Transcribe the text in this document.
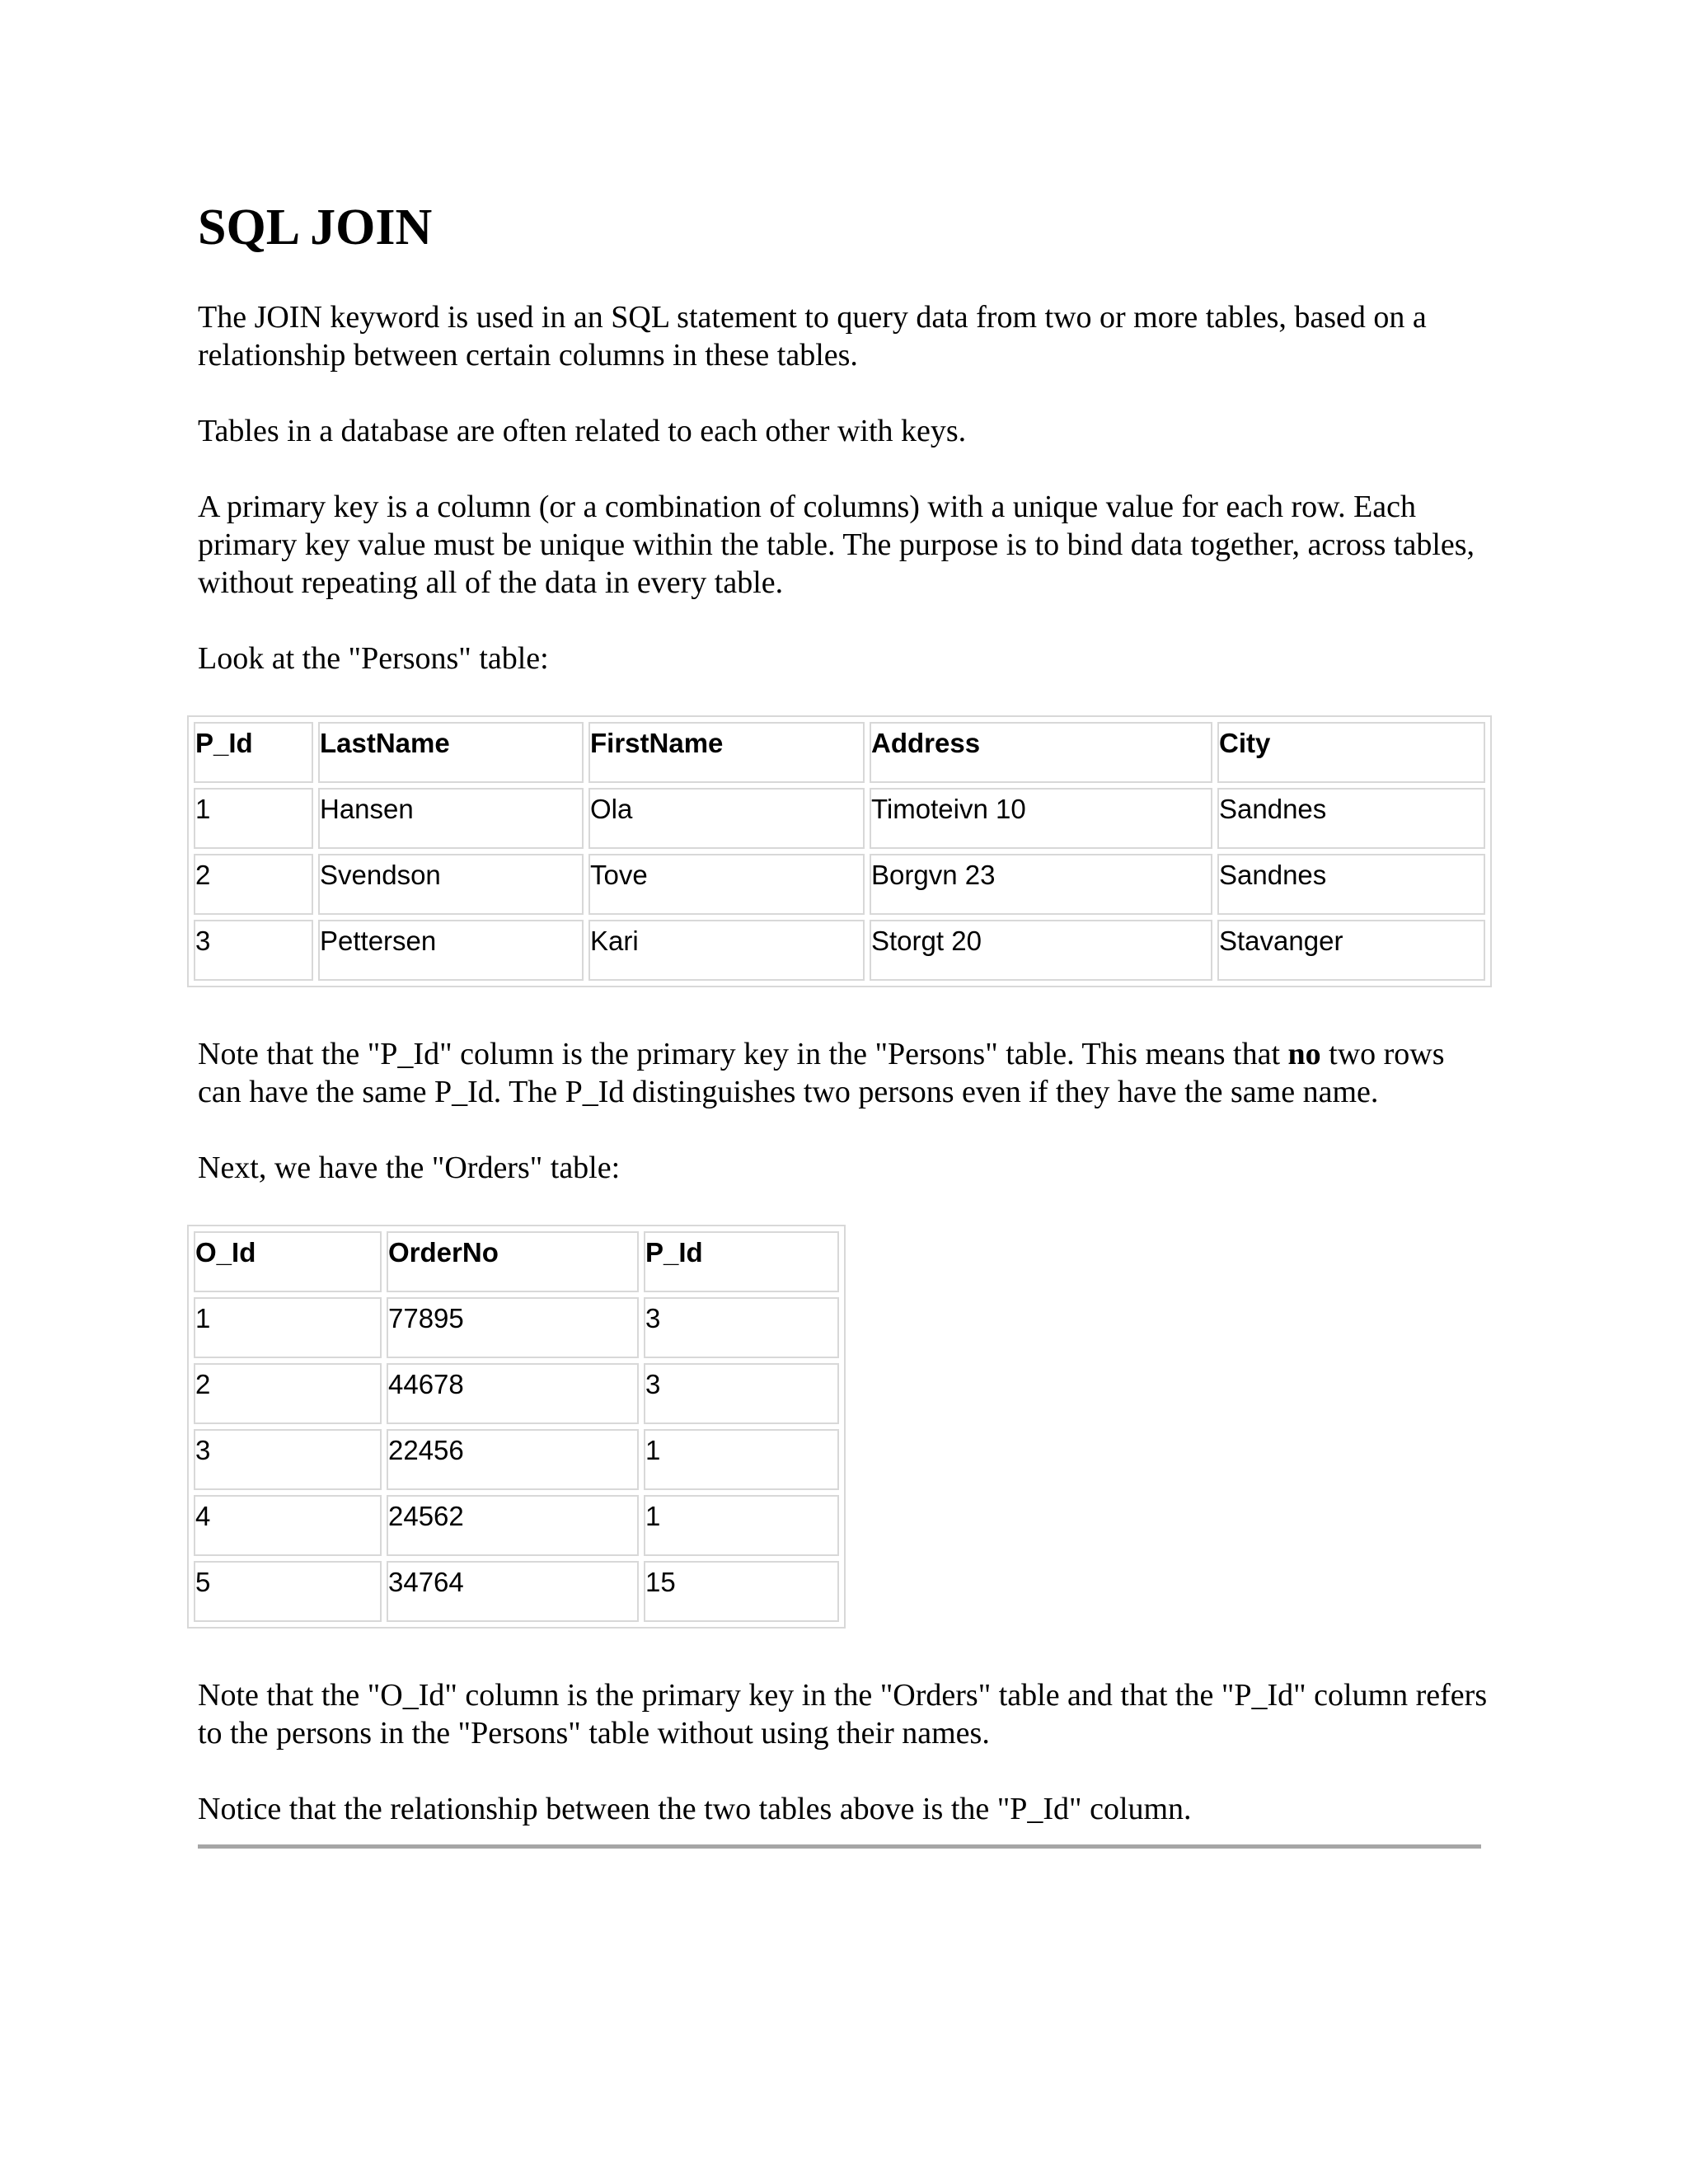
SQL JOIN

The JOIN keyword is used in an SQL statement to query data from two or more tables, based on a relationship between certain columns in these tables.

Tables in a database are often related to each other with keys.

A primary key is a column (or a combination of columns) with a unique value for each row. Each primary key value must be unique within the table. The purpose is to bind data together, across tables, without repeating all of the data in every table.

Look at the "Persons" table:

P_Id	LastName	FirstName	Address	City
1	Hansen	Ola	Timoteivn 10	Sandnes
2	Svendson	Tove	Borgvn 23	Sandnes
3	Pettersen	Kari	Storgt 20	Stavanger

Note that the "P_Id" column is the primary key in the "Persons" table. This means that no two rows can have the same P_Id. The P_Id distinguishes two persons even if they have the same name.

Next, we have the "Orders" table:

O_Id	OrderNo	P_Id
1	77895	3
2	44678	3
3	22456	1
4	24562	1
5	34764	15

Note that the "O_Id" column is the primary key in the "Orders" table and that the "P_Id" column refers to the persons in the "Persons" table without using their names.

Notice that the relationship between the two tables above is the "P_Id" column.
